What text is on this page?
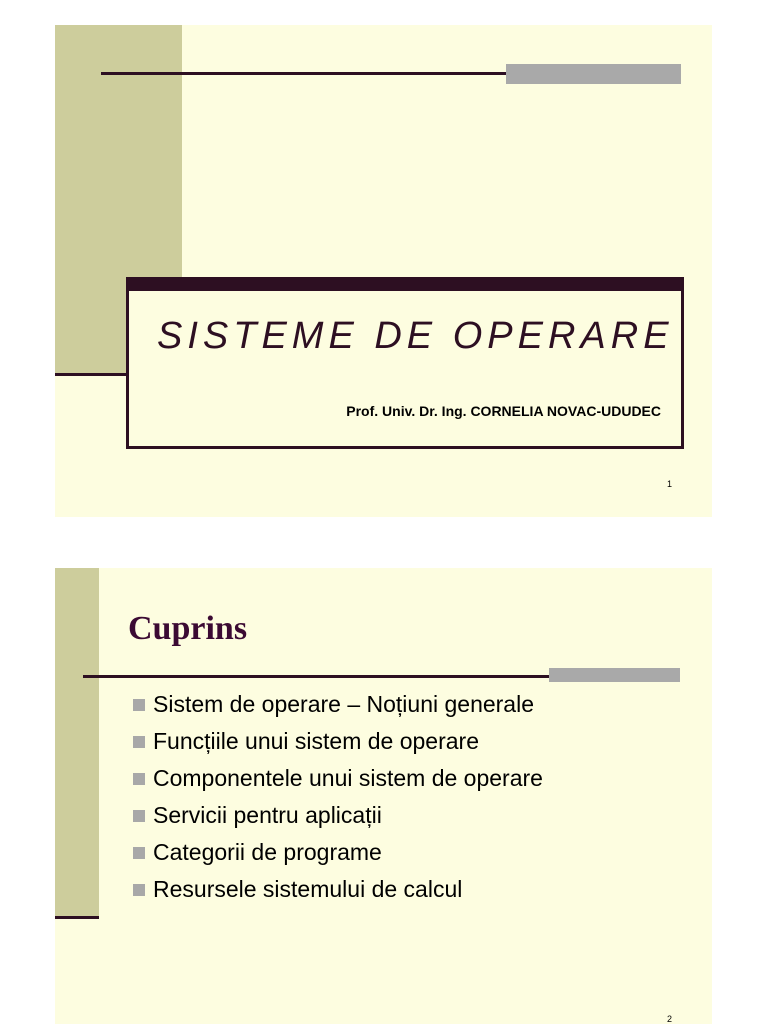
SISTEME DE OPERARE
Prof. Univ. Dr. Ing. CORNELIA NOVAC-UDUDEC
1
Cuprins
Sistem de operare – Noțiuni generale
Funcțiile unui sistem de operare
Componentele unui sistem de operare
Servicii pentru aplicații
Categorii de programe
Resursele sistemului de calcul
2
